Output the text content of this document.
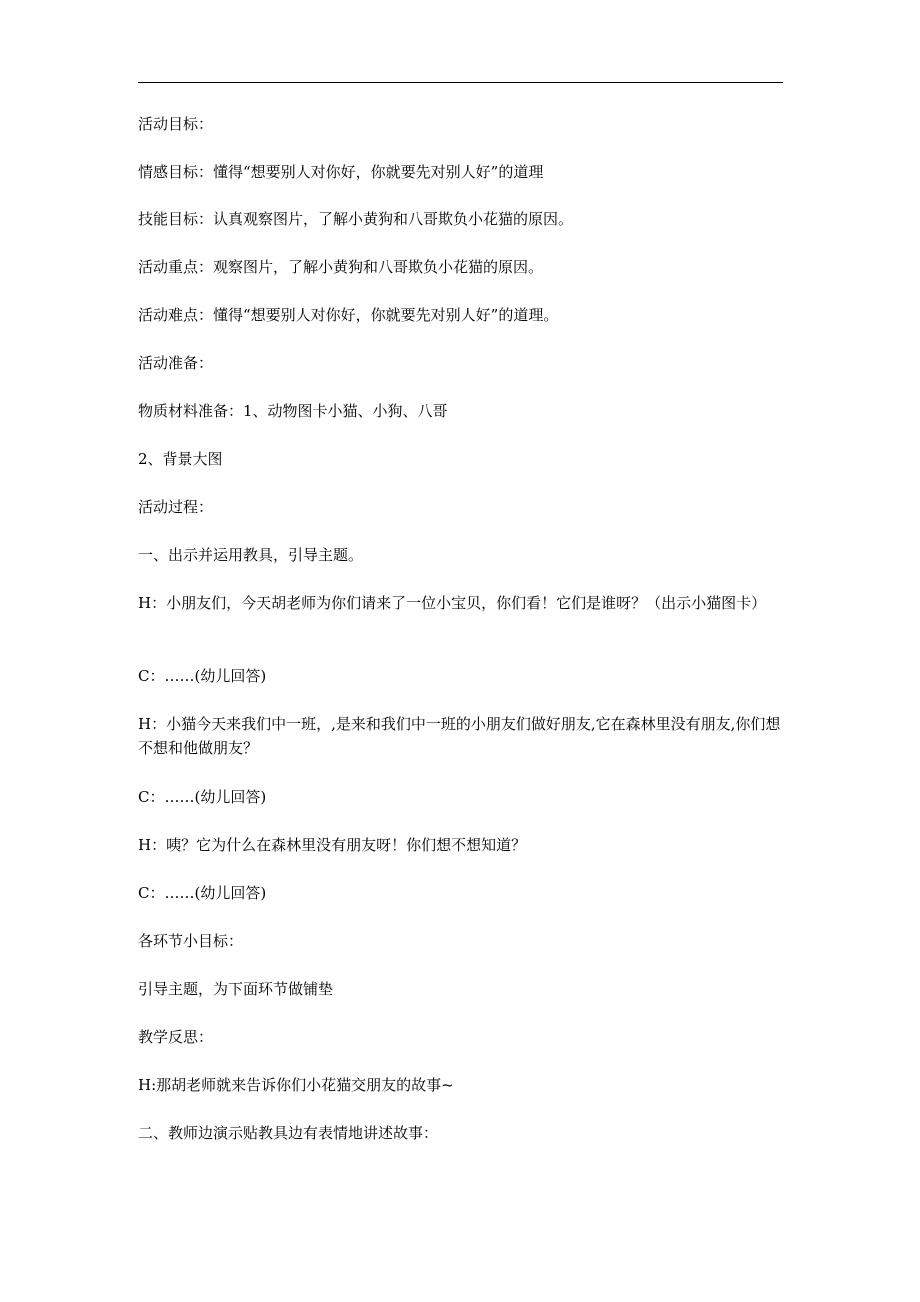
活动目标：
情感目标：懂得“想要别人对你好，你就要先对别人好”的道理
技能目标：认真观察图片，了解小黄狗和八哥欺负小花猫的原因。
活动重点：观察图片，了解小黄狗和八哥欺负小花猫的原因。
活动难点：懂得“想要别人对你好，你就要先对别人好”的道理。
活动准备：
物质材料准备：1、动物图卡小猫、小狗、八哥
2、背景大图
活动过程：
一、出示并运用教具，引导主题。
H：小朋友们，今天胡老师为你们请来了一位小宝贝，你们看！它们是谁呀？（出示小猫图卡）
C：……(幼儿回答)
H：小猫今天来我们中一班，,是来和我们中一班的小朋友们做好朋友,它在森林里没有朋友,你们想不想和他做朋友？
C：……(幼儿回答)
H：咦？它为什么在森林里没有朋友呀！你们想不想知道？
C：……(幼儿回答)
各环节小目标：
引导主题，为下面环节做铺垫
教学反思：
H:那胡老师就来告诉你们小花猫交朋友的故事~
二、教师边演示贴教具边有表情地讲述故事：
